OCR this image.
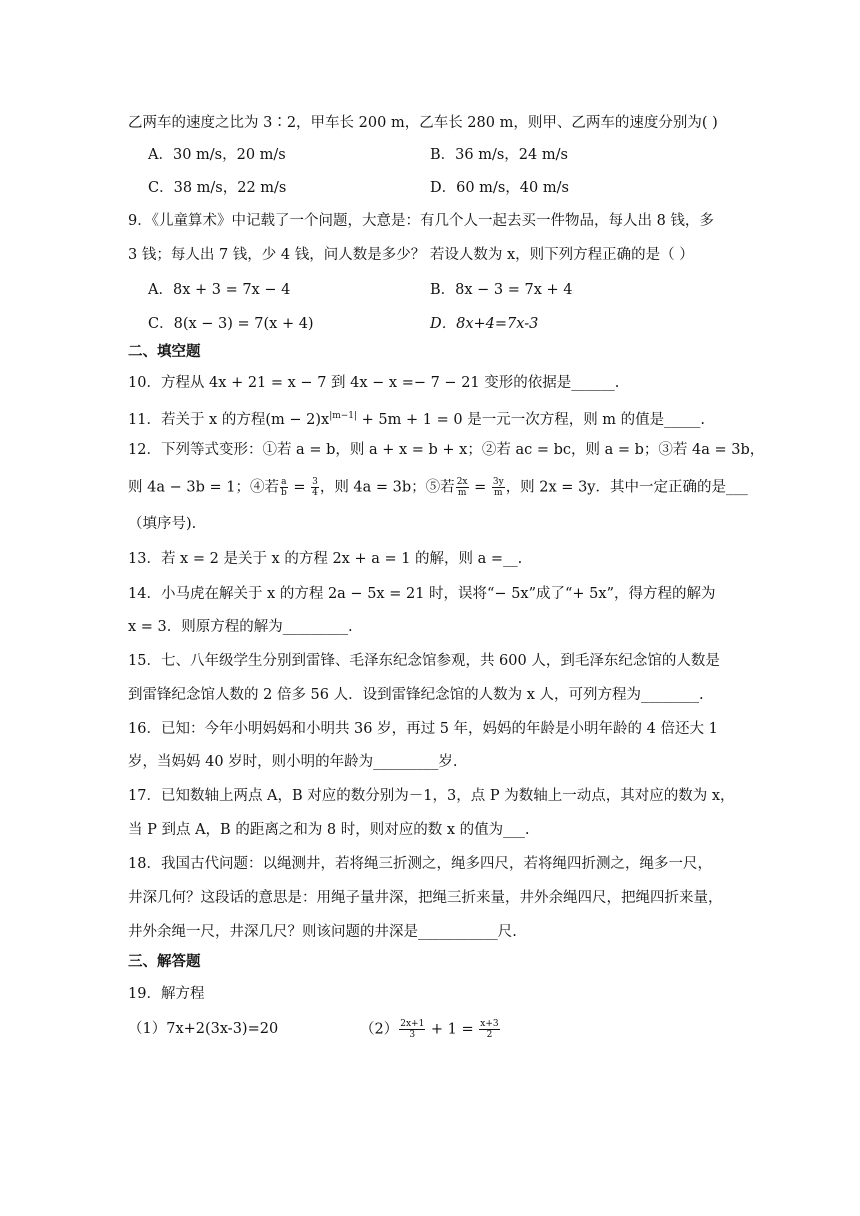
乙两车的速度之比为 3∶2，甲车长 200 m，乙车长 280 m，则甲、乙两车的速度分别为( )
A．30 m/s，20 m/s	B．36 m/s，24 m/s
C．38 m/s，22 m/s	D．60 m/s，40 m/s
9．《儿童算术》中记载了一个问题，大意是：有几个人一起去买一件物品，每人出 8 钱，多
3 钱；每人出 7 钱，少 4 钱，问人数是多少？ 若设人数为 x，则下列方程正确的是（ ）
A．8x + 3 = 7x − 4	B．8x − 3 = 7x + 4
C．8(x − 3) = 7(x + 4)	D．8x+4=7x-3
二、填空题
10．方程从 4x + 21 = x − 7 到 4x − x =− 7 − 21 变形的依据是______.
11．若关于 x 的方程$(m - 2)x^{|m-1|} + 5m + 1 = 0$ 是一元一次方程，则 m 的值是_____.
12．下列等式变形：①若 a = b，则 a + x = b + x；②若 ac = bc，则 a = b；③若 4a = 3b，
则 4a − 3b = 1；④若 $\frac{a}{b} = \frac{3}{4}$ ，则 4a = 3b；⑤若 $\frac{2x}{m} = \frac{3y}{m}$ ，则 2x = 3y．其中一定正确的是___
（填序号).
13．若 x = 2 是关于 x 的方程 2x + a = 1 的解，则 a =__.
14．小马虎在解关于 x 的方程 2a − 5x = 21 时，误将“− 5x”成了“+ 5x”，得方程的解为
x = 3．则原方程的解为_________.
15．七、八年级学生分别到雷锋、毛泽东纪念馆参观，共 600 人，到毛泽东纪念馆的人数是
到雷锋纪念馆人数的 2 倍多 56 人．设到雷锋纪念馆的人数为 x 人，可列方程为________.
16．已知：今年小明妈妈和小明共 36 岁，再过 5 年，妈妈的年龄是小明年龄的 4 倍还大 1
岁，当妈妈 40 岁时，则小明的年龄为_________岁.
17．已知数轴上两点 A，B 对应的数分别为－1，3，点 P 为数轴上一动点，其对应的数为 x，
当 P 到点 A，B 的距离之和为 8 时，则对应的数 x 的值为___.
18．我国古代问题：以绳测井，若将绳三折测之，绳多四尺，若将绳四折测之，绳多一尺，
井深几何？这段话的意思是：用绳子量井深，把绳三折来量，井外余绳四尺，把绳四折来量，
井外余绳一尺，井深几尺？则该问题的井深是___________尺.
三、解答题
19．解方程
（1）7x+2(3x-3)=20	$(2) \frac{2x+1}{3} + 1 = \frac{x+3}{2}$
